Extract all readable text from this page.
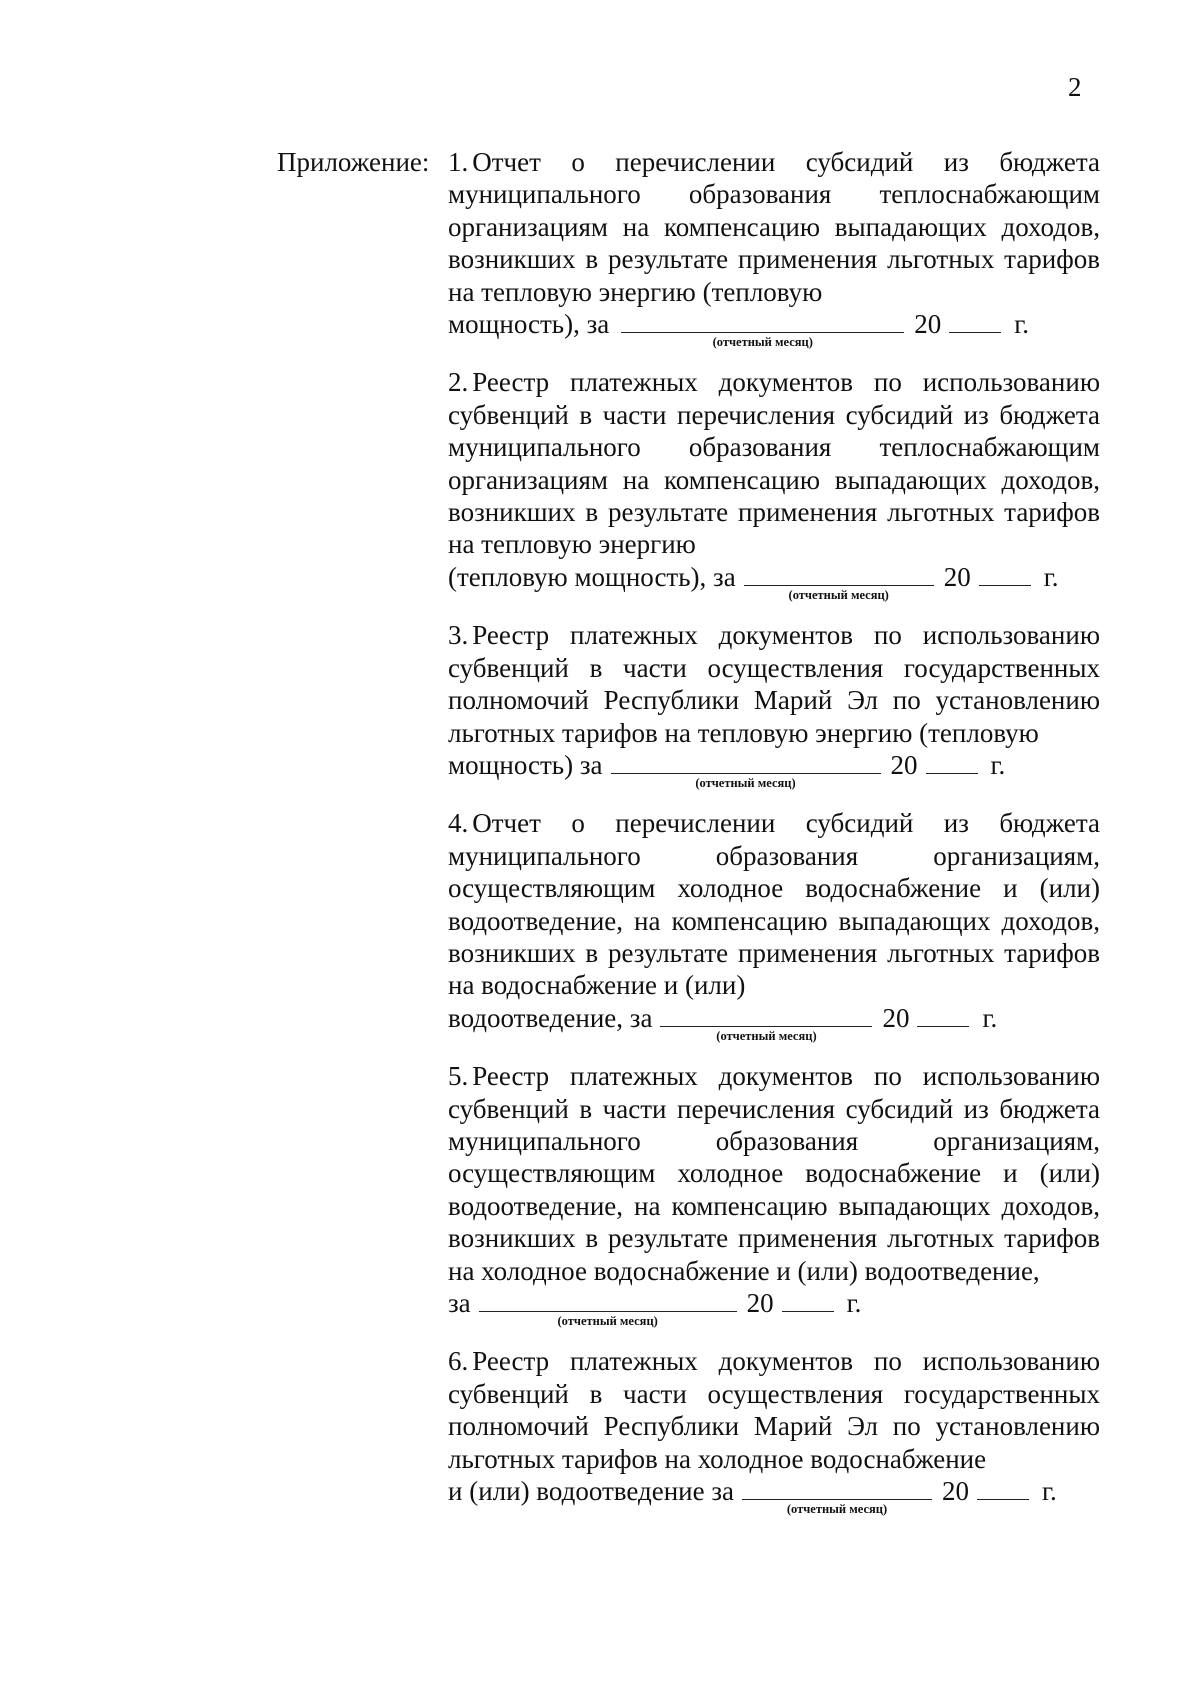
2
Приложение: 1. Отчет о перечислении субсидий из бюджета муниципального образования теплоснабжающим организациям на компенсацию выпадающих доходов, возникших в результате применения льготных тарифов на тепловую энергию (тепловую
мощность), за
(отчетный месяц)
20	г.
2. Реестр платежных документов по использованию субвенций в части перечисления субсидий из бюджета муниципального образования теплоснабжающим организациям на компенсацию выпадающих доходов, возникших в результате применения льготных тарифов на тепловую энергию
(тепловую мощность), за
(отчетный месяц)
20	г.
3. Реестр платежных документов по использованию субвенций в части осуществления государственных полномочий Республики Марий Эл по установлению льготных тарифов на тепловую энергию (тепловую
мощность) за
(отчетный месяц)
20	г.
4. Отчет о перечислении субсидий из бюджета муниципального образования организациям, осуществляющим холодное водоснабжение и (или) водоотведение, на компенсацию выпадающих доходов, возникших в результате применения льготных тарифов на водоснабжение и (или)
водоотведение, за
(отчетный месяц)
20	г.
5. Реестр платежных документов по использованию субвенций в части перечисления субсидий из бюджета муниципального образования организациям, осуществляющим холодное водоснабжение и (или) водоотведение, на компенсацию выпадающих доходов, возникших в результате применения льготных тарифов на холодное водоснабжение и (или) водоотведение,
за
(отчетный месяц)
20	г.
6. Реестр платежных документов по использованию субвенций в части осуществления государственных полномочий Республики Марий Эл по установлению льготных тарифов на холодное водоснабжение
и (или) водоотведение за
(отчетный месяц)
20	г.
